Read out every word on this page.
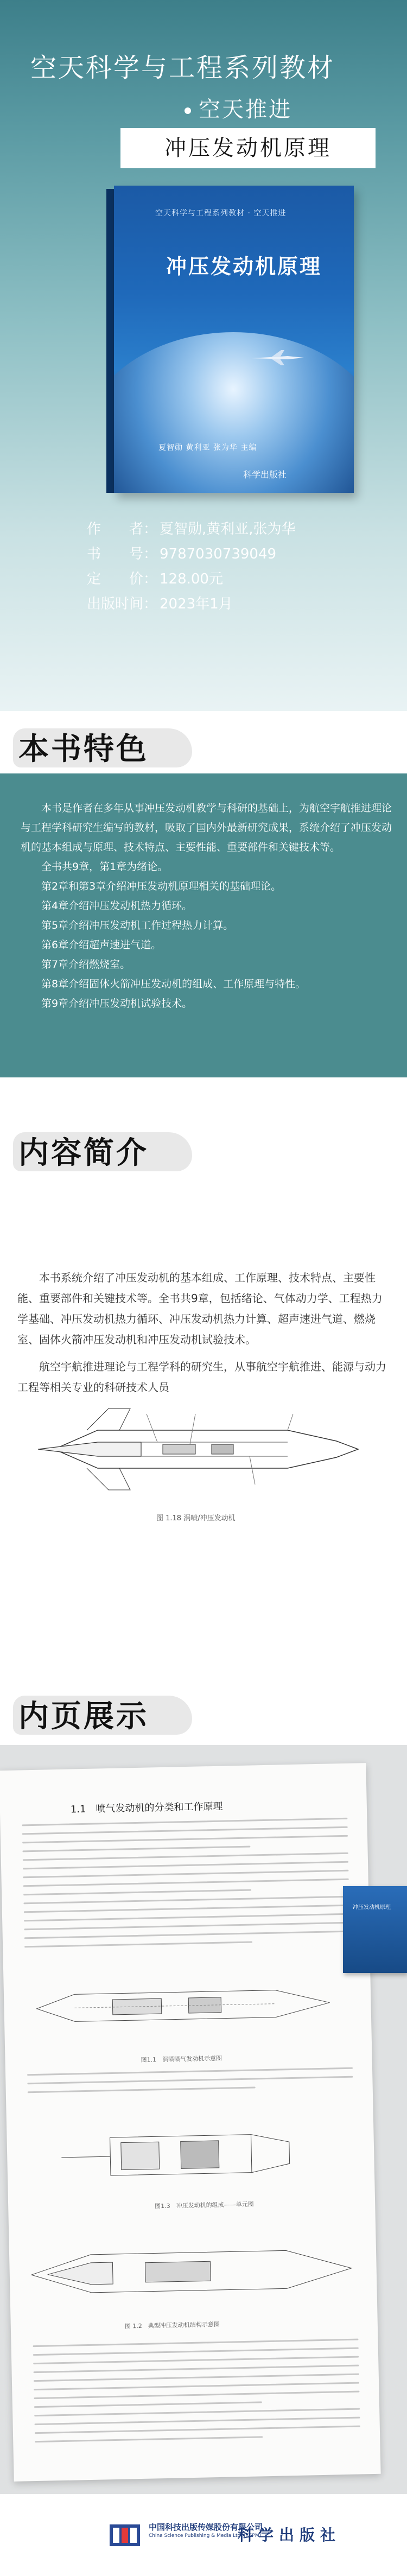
空天科学与工程系列教材
空天推进
冲压发动机原理
空天科学与工程系列教材 · 空天推进
冲压发动机原理
夏智勋 黄利亚 张为华 主编
科学出版社
作　　者： 夏智勋,黄利亚,张为华
书　　号： 9787030739049
定　　价： 128.00元
出版时间： 2023年1月
本书特色

本书是作者在多年从事冲压发动机教学与科研的基础上，为航空宇航推进理论与工程学科研究生编写的教材，吸取了国内外最新研究成果，系统介绍了冲压发动机的基本组成与原理、技术特点、主要性能、重要部件和关键技术等。

全书共9章，第1章为绪论。

第2章和第3章介绍冲压发动机原理相关的基础理论。

第4章介绍冲压发动机热力循环。

第5章介绍冲压发动机工作过程热力计算。

第6章介绍超声速进气道。

第7章介绍燃烧室。

第8章介绍固体火箭冲压发动机的组成、工作原理与特性。

第9章介绍冲压发动机试验技术。

内容简介

本书系统介绍了冲压发动机的基本组成、工作原理、技术特点、主要性能、重要部件和关键技术等。全书共9章，包括绪论、气体动力学、工程热力学基础、冲压发动机热力循环、冲压发动机热力计算、超声速进气道、燃烧室、固体火箭冲压发动机和冲压发动机试验技术。

航空宇航推进理论与工程学科的研究生，从事航空宇航推进、能源与动力工程等相关专业的科研技术人员

图 1.18 涡喷/冲压发动机
内页展示
1.1　喷气发动机的分类和工作原理
图1.1　涡喷喷气发动机示意图
图1.3　冲压发动机的组成——单元图
图 1.2　典型冲压发动机结构示意图
冲压发动机原理
中国科技出版传媒股份有限公司
China Science Publishing & Media Ltd. (CSPM)
科学出版社
